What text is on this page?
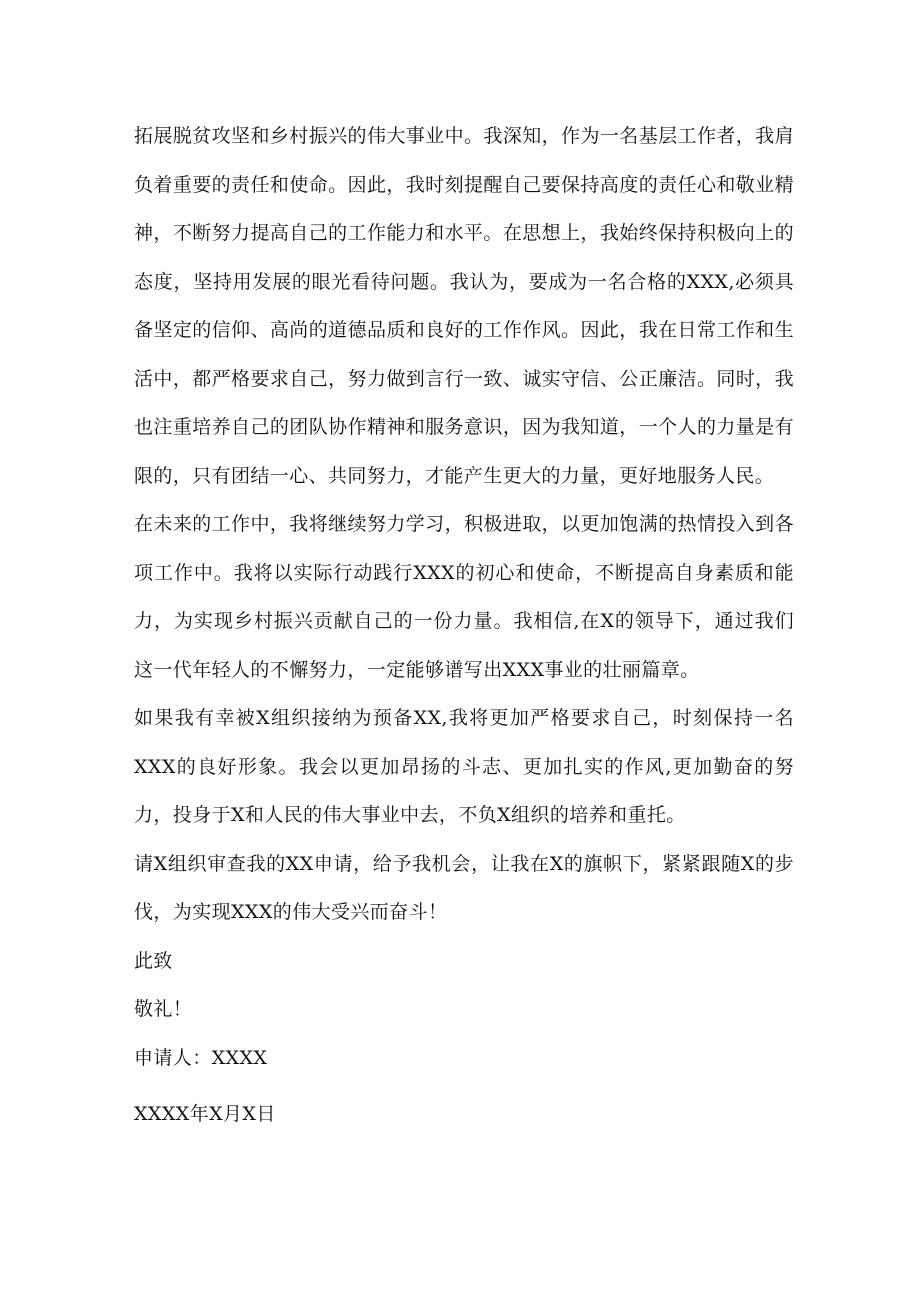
拓展脱贫攻坚和乡村振兴的伟大事业中。我深知，作为一名基层工作者，我肩负着重要的责任和使命。因此，我时刻提醒自己要保持高度的责任心和敬业精神，不断努力提高自己的工作能力和水平。在思想上，我始终保持积极向上的态度，坚持用发展的眼光看待问题。我认为，要成为一名合格的XXX,必须具备坚定的信仰、高尚的道德品质和良好的工作作风。因此，我在日常工作和生活中，都严格要求自己，努力做到言行一致、诚实守信、公正廉洁。同时，我也注重培养自己的团队协作精神和服务意识，因为我知道，一个人的力量是有限的，只有团结一心、共同努力，才能产生更大的力量，更好地服务人民。

在未来的工作中，我将继续努力学习，积极进取，以更加饱满的热情投入到各项工作中。我将以实际行动践行XXX的初心和使命，不断提高自身素质和能力，为实现乡村振兴贡献自己的一份力量。我相信,在X的领导下，通过我们这一代年轻人的不懈努力，一定能够谱写出XXX事业的壮丽篇章。

如果我有幸被X组织接纳为预备XX,我将更加严格要求自己，时刻保持一名XXX的良好形象。我会以更加昂扬的斗志、更加扎实的作风,更加勤奋的努力，投身于X和人民的伟大事业中去，不负X组织的培养和重托。

请X组织审查我的XX申请，给予我机会，让我在X的旗帜下，紧紧跟随X的步伐，为实现XXX的伟大受兴而奋斗！

此致

敬礼！

申请人：XXXX

XXXX年X月X日
